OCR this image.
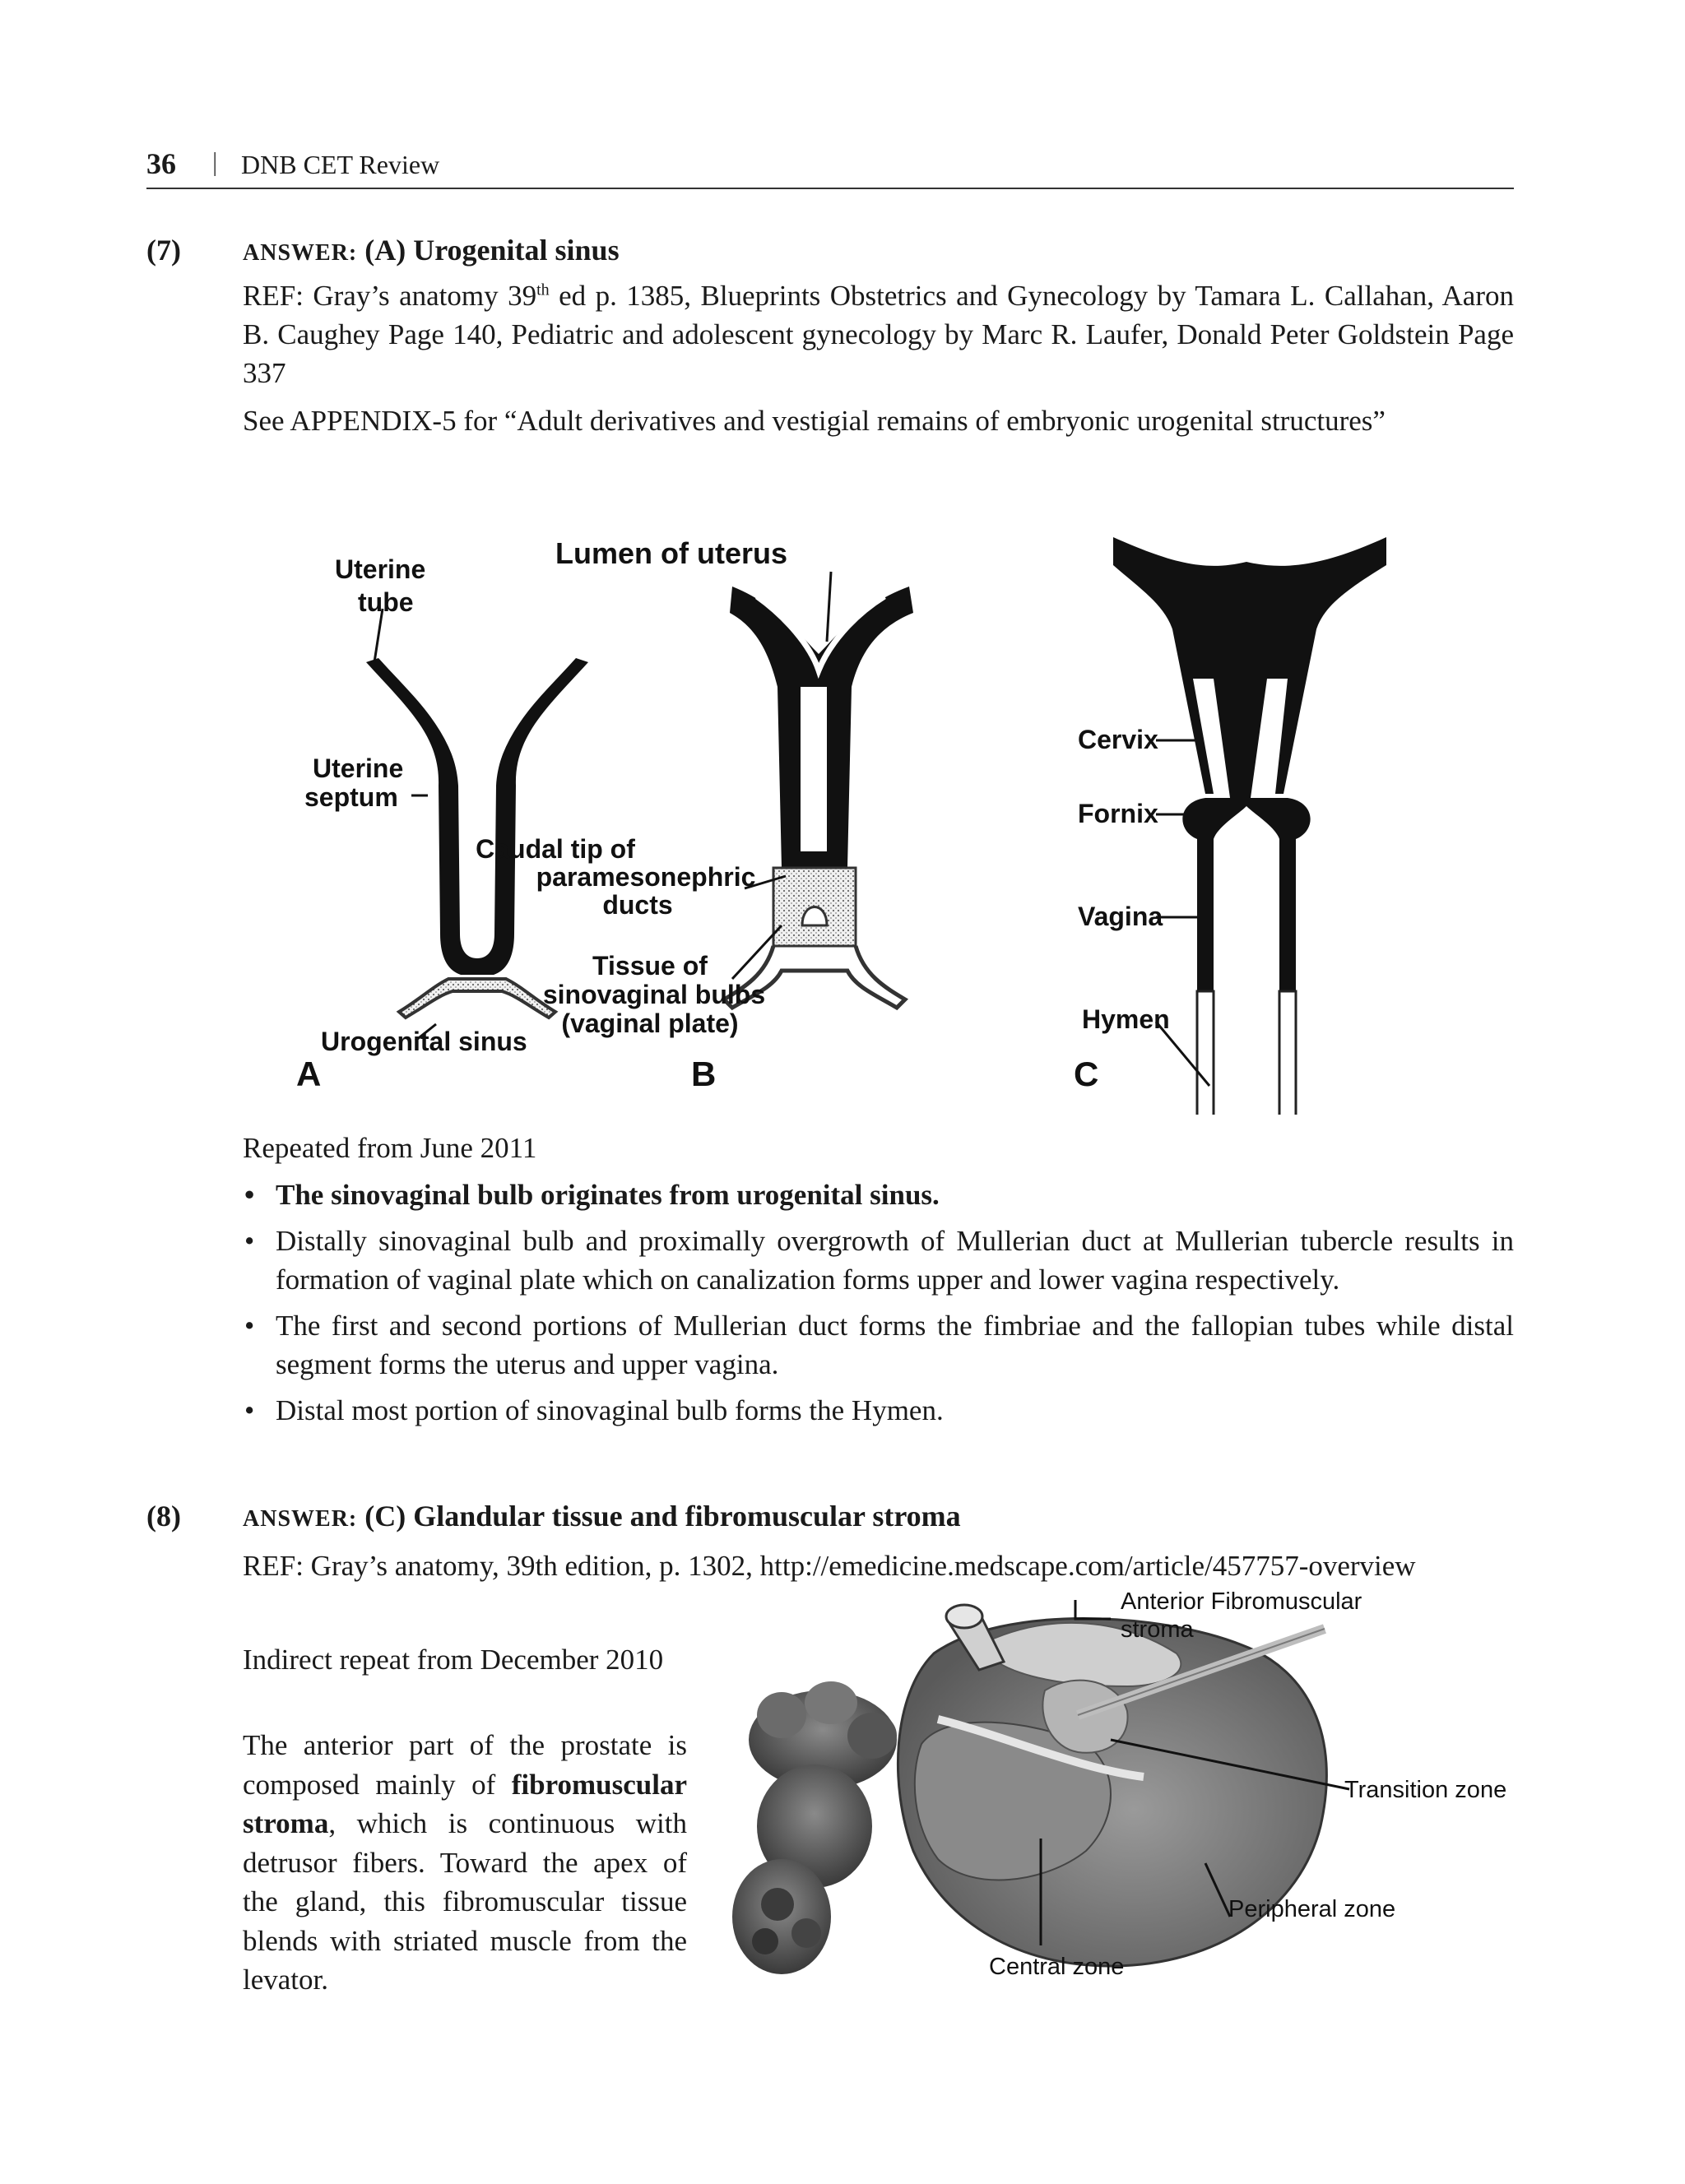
36 | DNB CET Review
(7)	ANSWER: (A) Urogenital sinus
REF: Gray’s anatomy 39th ed p. 1385, Blueprints Obstetrics and Gynecology by Tamara L. Callahan, Aaron B. Caughey Page 140, Pediatric and adolescent gynecology by Marc R. Laufer, Donald Peter Goldstein Page 337
See APPENDIX-5 for “Adult derivatives and vestigial remains of embryonic urogenital structures”
Uterine
tube
Uterine
septum
Urogenital sinus
Lumen of uterus
Caudal tip of
paramesonephric
ducts
Tissue of
sinovaginal bulbs
(vaginal plate)
Cervix
Fornix
Vagina
Hymen
A	B	C
Repeated from June 2011
• The sinovaginal bulb originates from urogenital sinus.
• Distally sinovaginal bulb and proximally overgrowth of Mullerian duct at Mullerian tubercle results in formation of vaginal plate which on canalization forms upper and lower vagina respectively.
• The first and second portions of Mullerian duct forms the fimbriae and the fallopian tubes while distal segment forms the uterus and upper vagina.
• Distal most portion of sinovaginal bulb forms the Hymen.
(8)	ANSWER: (C) Glandular tissue and fibromuscular stroma
REF: Gray’s anatomy, 39th edition, p. 1302, http://emedicine.medscape.com/article/457757-overview
Indirect repeat from December 2010
The anterior part of the prostate is composed mainly of fibromuscular stroma, which is continuous with detrusor fibers. Toward the apex of the gland, this fibromuscular tissue blends with striated muscle from the levator.
Anterior Fibromuscular
stroma
Transition zone
Peripheral zone
Central zone
